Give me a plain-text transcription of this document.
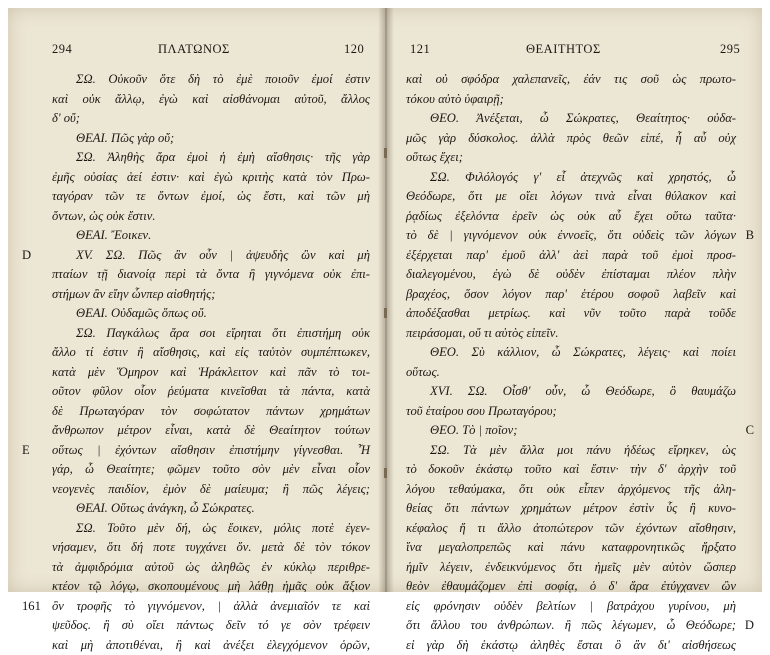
294	ΠΛΑΤΩΝΟΣ	120
ΣΩ. Οὐκοῦν ὅτε δὴ τὸ ἐμὲ ποιοῦν ἐμοί ἐστιν
καὶ οὐκ ἄλλῳ, ἐγὼ καὶ αἰσθάνομαι αὐτοῦ, ἄλλος
δ' οὔ;
ΘΕΑΙ. Πῶς γὰρ οὔ;
ΣΩ. Ἀληθὴς ἄρα ἐμοὶ ἡ ἐμὴ αἴσθησις· τῆς γὰρ
ἐμῆς οὐσίας ἀεί ἐστιν· καὶ ἐγὼ κριτὴς κατὰ τὸν Πρω-
ταγόραν τῶν τε ὄντων ἐμοί, ὡς ἔστι, καὶ τῶν μὴ
ὄντων, ὡς οὐκ ἔστιν.
ΘΕΑΙ. Ἔοικεν.
XV. ΣΩ. Πῶς ἂν οὖν | ἀψευδὴς ὢν καὶ μὴ
D
πταίων τῇ διανοίᾳ περὶ τὰ ὄντα ἢ γιγνόμενα οὐκ ἐπι-
στήμων ἂν εἴην ὧνπερ αἰσθητής;
ΘΕΑΙ. Οὐδαμῶς ὅπως οὔ.
ΣΩ. Παγκάλως ἄρα σοι εἴρηται ὅτι ἐπιστήμη οὐκ
ἄλλο τί ἐστιν ἢ αἴσθησις, καὶ εἰς ταὐτὸν συμπέπτωκεν,
κατὰ μὲν Ὅμηρον καὶ Ἡράκλειτον καὶ πᾶν τὸ τοι-
οῦτον φῦλον οἷον ῥεύματα κινεῖσθαι τὰ πάντα, κατὰ
δὲ Πρωταγόραν τὸν σοφώτατον πάντων χρημάτων
ἄνθρωπον μέτρον εἶναι, κατὰ δὲ Θεαίτητον τούτων
οὕτως | ἐχόντων αἴσθησιν ἐπιστήμην γίγνεσθαι. Ἦ
E
γάρ, ὦ Θεαίτητε; φῶμεν τοῦτο σὸν μὲν εἶναι οἷον
νεογενὲς παιδίον, ἐμὸν δὲ μαίευμα; ἢ πῶς λέγεις;
ΘΕΑΙ. Οὕτως ἀνάγκη, ὦ Σώκρατες.
ΣΩ. Τοῦτο μὲν δή, ὡς ἔοικεν, μόλις ποτὲ ἐγεν-
νήσαμεν, ὅτι δή ποτε τυγχάνει ὄν. μετὰ δὲ τὸν τόκον
τὰ ἀμφιδρόμια αὐτοῦ ὡς ἀληθῶς ἐν κύκλῳ περιθρε-
κτέον τῷ λόγῳ, σκοπουμένους μὴ λάθῃ ἡμᾶς οὐκ ἄξιον
ὂν τροφῆς τὸ γιγνόμενον, | ἀλλὰ ἀνεμιαῖόν τε καὶ
161
ψεῦδος. ἢ σὺ οἴει πάντως δεῖν τό γε σὸν τρέφειν
καὶ μὴ ἀποτιθέναι, ἢ καὶ ἀνέξει ἐλεγχόμενον ὁρῶν,
121	ΘΕΑΙΤΗΤΟΣ	295
καὶ οὐ σφόδρα χαλεπανεῖς, ἐάν τις σοῦ ὡς πρωτο-
τόκου αὐτὸ ὑφαιρῇ;
ΘΕΟ. Ἀνέξεται, ὦ Σώκρατες, Θεαίτητος· οὐδα-
μῶς γὰρ δύσκολος. ἀλλὰ πρὸς θεῶν εἰπέ, ἦ αὖ οὐχ
οὕτως ἔχει;
ΣΩ. Φιλόλογός γ' εἶ ἀτεχνῶς καὶ χρηστός, ὦ
Θεόδωρε, ὅτι με οἴει λόγων τινὰ εἶναι θύλακον καὶ
ῥᾳδίως ἐξελόντα ἐρεῖν ὡς οὐκ αὖ ἔχει οὕτω ταῦτα·
τὸ δὲ | γιγνόμενον οὐκ ἐννοεῖς, ὅτι οὐδεὶς τῶν λόγων B
ἐξέρχεται παρ' ἐμοῦ ἀλλ' ἀεὶ παρὰ τοῦ ἐμοὶ προσ-
διαλεγομένου, ἐγὼ δὲ οὐδὲν ἐπίσταμαι πλέον πλὴν
βραχέος, ὅσον λόγον παρ' ἑτέρου σοφοῦ λαβεῖν καὶ
ἀποδέξασθαι μετρίως. καὶ νῦν τοῦτο παρὰ τοῦδε
πειράσομαι, οὔ τι αὐτὸς εἰπεῖν.
ΘΕΟ. Σὺ κάλλιον, ὦ Σώκρατες, λέγεις· καὶ ποίει
οὕτως.
XVI. ΣΩ. Οἶσθ' οὖν, ὦ Θεόδωρε, ὃ θαυμάζω
τοῦ ἑταίρου σου Πρωταγόρου;
ΘΕΟ. Τὸ | ποῖον;	C
ΣΩ. Τὰ μὲν ἄλλα μοι πάνυ ἡδέως εἴρηκεν, ὡς
τὸ δοκοῦν ἑκάστῳ τοῦτο καὶ ἔστιν· τὴν δ' ἀρχὴν τοῦ
λόγου τεθαύμακα, ὅτι οὐκ εἶπεν ἀρχόμενος τῆς ἀλη-
θείας ὅτι πάντων χρημάτων μέτρον ἐστὶν ὗς ἢ κυνο-
κέφαλος ἤ τι ἄλλο ἀτοπώτερον τῶν ἐχόντων αἴσθησιν,
ἵνα μεγαλοπρεπῶς καὶ πάνυ καταφρονητικῶς ἤρξατο
ἡμῖν λέγειν, ἐνδεικνύμενος ὅτι ἡμεῖς μὲν αὐτὸν ὥσπερ
θεὸν ἐθαυμάζομεν ἐπὶ σοφίᾳ, ὁ δ' ἄρα ἐτύγχανεν ὢν
εἰς φρόνησιν οὐδὲν βελτίων | βατράχου γυρίνου, μὴ
ὅτι ἄλλου του ἀνθρώπων. ἢ πῶς λέγωμεν, ὦ Θεόδωρε; D
εἰ γὰρ δὴ ἑκάστῳ ἀληθὲς ἔσται ὃ ἂν δι' αἰσθήσεως
